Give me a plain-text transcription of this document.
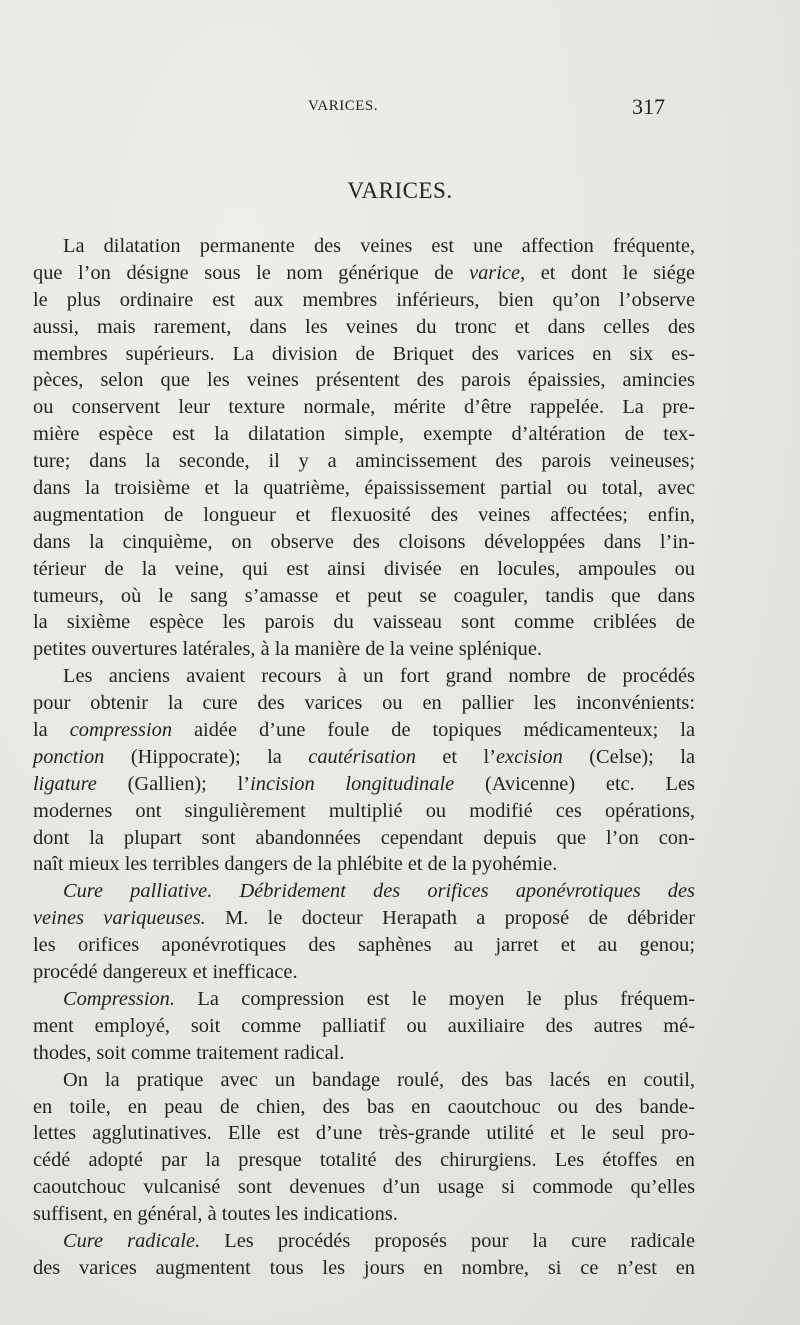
VARICES.	317
VARICES.
La dilatation permanente des veines est une affection fréquente,
que l’on désigne sous le nom générique de varice, et dont le siége
le plus ordinaire est aux membres inférieurs, bien qu’on l’observe
aussi, mais rarement, dans les veines du tronc et dans celles des
membres supérieurs. La division de Briquet des varices en six es-
pèces, selon que les veines présentent des parois épaissies, amincies
ou conservent leur texture normale, mérite d’être rappelée. La pre-
mière espèce est la dilatation simple, exempte d’altération de tex-
ture; dans la seconde, il y a amincissement des parois veineuses;
dans la troisième et la quatrième, épaississement partial ou total, avec
augmentation de longueur et flexuosité des veines affectées; enfin,
dans la cinquième, on observe des cloisons développées dans l’in-
térieur de la veine, qui est ainsi divisée en locules, ampoules ou
tumeurs, où le sang s’amasse et peut se coaguler, tandis que dans
la sixième espèce les parois du vaisseau sont comme criblées de
petites ouvertures latérales, à la manière de la veine splénique.
Les anciens avaient recours à un fort grand nombre de procédés
pour obtenir la cure des varices ou en pallier les inconvénients:
la compression aidée d’une foule de topiques médicamenteux; la
ponction (Hippocrate); la cautérisation et l’excision (Celse); la
ligature (Gallien); l’incision longitudinale (Avicenne) etc. Les
modernes ont singulièrement multiplié ou modifié ces opérations,
dont la plupart sont abandonnées cependant depuis que l’on con-
naît mieux les terribles dangers de la phlébite et de la pyohémie.
Cure palliative. Débridement des orifices aponévrotiques des
veines variqueuses. M. le docteur Herapath a proposé de débrider
les orifices aponévrotiques des saphènes au jarret et au genou;
procédé dangereux et inefficace.
Compression. La compression est le moyen le plus fréquem-
ment employé, soit comme palliatif ou auxiliaire des autres mé-
thodes, soit comme traitement radical.
On la pratique avec un bandage roulé, des bas lacés en coutil,
en toile, en peau de chien, des bas en caoutchouc ou des bande-
lettes agglutinatives. Elle est d’une très-grande utilité et le seul pro-
cédé adopté par la presque totalité des chirurgiens. Les étoffes en
caoutchouc vulcanisé sont devenues d’un usage si commode qu’elles
suffisent, en général, à toutes les indications.
Cure radicale. Les procédés proposés pour la cure radicale
des varices augmentent tous les jours en nombre, si ce n’est en
